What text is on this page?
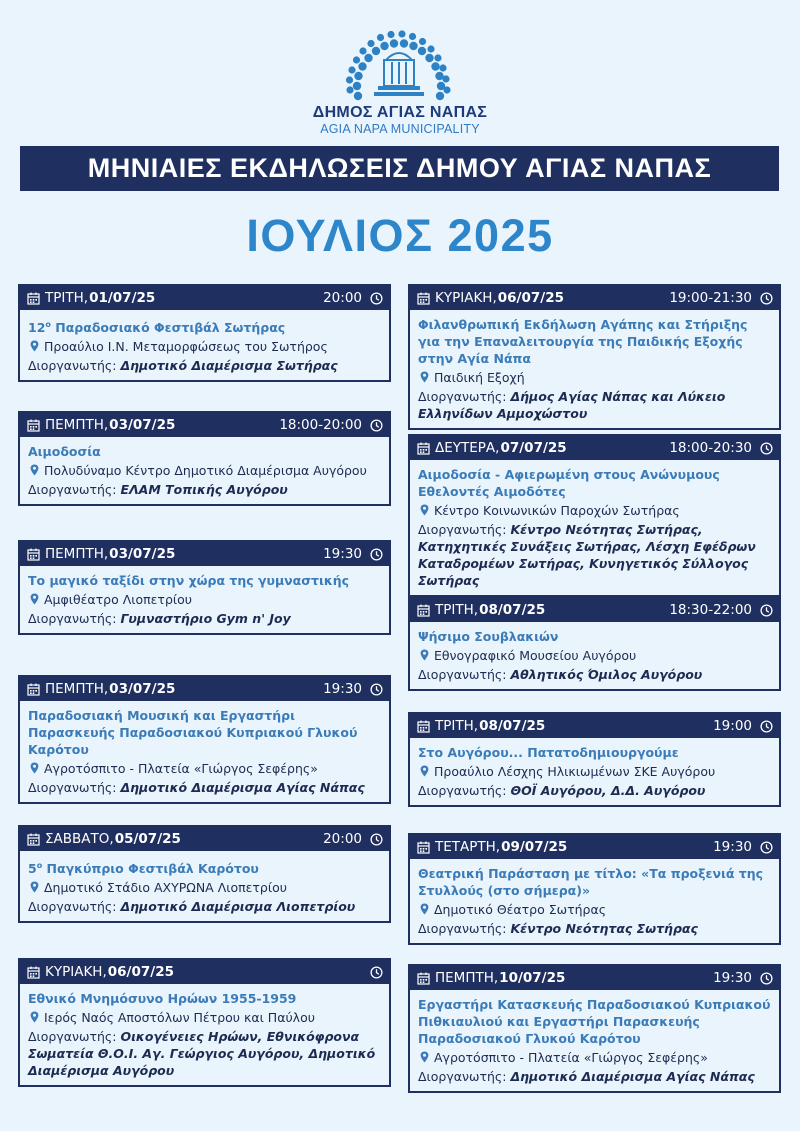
ΔΗΜΟΣ ΑΓΙΑΣ ΝΑΠΑΣ
AGIA NAPA MUNICIPALITY
ΜΗΝΙΑΙΕΣ ΕΚΔΗΛΩΣΕΙΣ ΔΗΜΟΥ ΑΓΙΑΣ ΝΑΠΑΣ
ΙΟΥΛΙΟΣ 2025
ΤΡΙΤΗ, 01/07/25	20:00
$12^o$ Παραδοσιακό Φεστιβάλ Σωτήρας
Προαύλιο Ι.Ν. Μεταμορφώσεως του Σωτήρος
Διοργανωτής: Δημοτικό Διαμέρισμα Σωτήρας
ΠΕΜΠΤΗ, 03/07/25	18:00-20:00
Αιμοδοσία
Πολυδύναμο Κέντρο Δημοτικό Διαμέρισμα Αυγόρου
Διοργανωτής: ΕΛΑΜ Τοπικής Αυγόρου
ΠΕΜΠΤΗ, 03/07/25	19:30
Το μαγικό ταξίδι στην χώρα της γυμναστικής
Αμφιθέατρο Λιοπετρίου
Διοργανωτής: Γυμναστήριο Gym n' Joy
ΠΕΜΠΤΗ, 03/07/25	19:30
Παραδοσιακή Μουσική και Εργαστήρι Παρασκευής Παραδοσιακού Κυπριακού Γλυκού Καρότου
Αγροτόσπιτο - Πλατεία «Γιώργος Σεφέρης»
Διοργανωτής: Δημοτικό Διαμέρισμα Αγίας Νάπας
ΣΑΒΒΑΤΟ, 05/07/25	20:00
$5^o$ Παγκύπριο Φεστιβάλ Καρότου
Δημοτικό Στάδιο ΑΧΥΡΩΝΑ Λιοπετρίου
Διοργανωτής: Δημοτικό Διαμέρισμα Λιοπετρίου
ΚΥΡΙΑΚΗ, 06/07/25
Εθνικό Μνημόσυνο Ηρώων 1955-1959
Ιερός Ναός Αποστόλων Πέτρου και Παύλου
Διοργανωτής: Οικογένειες Ηρώων, Εθνικόφρονα Σωματεία Θ.Ο.Ι. Αγ. Γεώργιος Αυγόρου, Δημοτικό Διαμέρισμα Αυγόρου
ΚΥΡΙΑΚΗ, 06/07/25	19:00-21:30
Φιλανθρωπική Εκδήλωση Αγάπης και Στήριξης για την Επαναλειτουργία της Παιδικής Εξοχής στην Αγία Νάπα
Παιδική Εξοχή
Διοργανωτής: Δήμος Αγίας Νάπας και Λύκειο Ελληνίδων Αμμοχώστου
ΔΕΥΤΕΡΑ, 07/07/25	18:00-20:30
Αιμοδοσία - Αφιερωμένη στους Ανώνυμους Εθελοντές Αιμοδότες
Κέντρο Κοινωνικών Παροχών Σωτήρας
Διοργανωτής: Κέντρο Νεότητας Σωτήρας, Κατηχητικές Συνάξεις Σωτήρας, Λέσχη Εφέδρων Καταδρομέων Σωτήρας, Κυνηγετικός Σύλλογος Σωτήρας
ΤΡΙΤΗ, 08/07/25	18:30-22:00
Ψήσιμο Σουβλακιών
Εθνογραφικό Μουσείου Αυγόρου
Διοργανωτής: Αθλητικός Όμιλος Αυγόρου
ΤΡΙΤΗ, 08/07/25	19:00
Στο Αυγόρου... Πατατοδημιουργούμε
Προαύλιο Λέσχης Ηλικιωμένων ΣΚΕ Αυγόρου
Διοργανωτής: ΘΟΪ Αυγόρου, Δ.Δ. Αυγόρου
ΤΕΤΑΡΤΗ, 09/07/25	19:30
Θεατρική Παράσταση με τίτλο: «Τα προξενιά της Στυλλούς (στο σήμερα)»
Δημοτικό Θέατρο Σωτήρας
Διοργανωτής: Κέντρο Νεότητας Σωτήρας
ΠΕΜΠΤΗ, 10/07/25	19:30
Εργαστήρι Κατασκευής Παραδοσιακού Κυπριακού Πιθκιαυλιού και Εργαστήρι Παρασκευής Παραδοσιακού Γλυκού Καρότου
Αγροτόσπιτο - Πλατεία «Γιώργος Σεφέρης»
Διοργανωτής: Δημοτικό Διαμέρισμα Αγίας Νάπας
